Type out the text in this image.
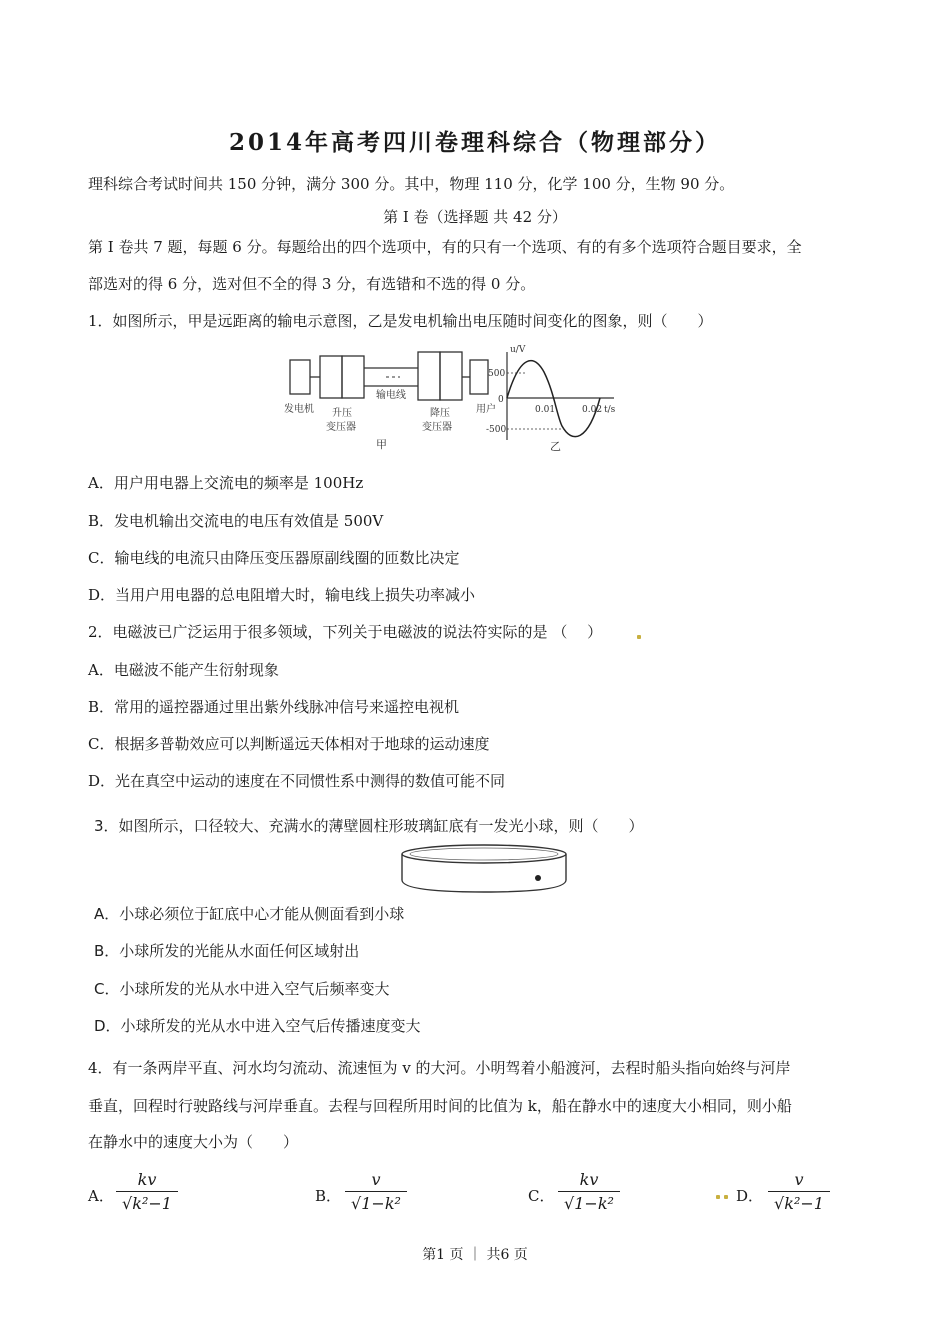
2014年高考四川卷理科综合（物理部分）
理科综合考试时间共 150 分钟，满分 300 分。其中，物理 110 分，化学 100 分，生物 90 分。
第 I 卷（选择题 共 42 分）
第 I 卷共 7 题，每题 6 分。每题给出的四个选项中，有的只有一个选项、有的有多个选项符合题目要求，全
部选对的得 6 分，选对但不全的得 3 分，有选错和不选的得 0 分。
1．如图所示，甲是远距离的输电示意图，乙是发电机输出电压随时间变化的图象，则（　　）
发电机 升压
变压器
输电线
降压
变压器
用户
甲
u/V
t/s
0
500
-500
0.01	0.02
乙
A．用户用电器上交流电的频率是 100Hz
B．发电机输出交流电的电压有效值是 500V
C．输电线的电流只由降压变压器原副线圈的匝数比决定
D．当用户用电器的总电阻增大时，输电线上损失功率减小
2．电磁波已广泛运用于很多领域，下列关于电磁波的说法符实际的是 （　 ）
A．电磁波不能产生衍射现象
B．常用的遥控器通过里出紫外线脉冲信号来遥控电视机
C．根据多普勒效应可以判断遥远天体相对于地球的运动速度
D．光在真空中运动的速度在不同惯性系中测得的数值可能不同
3．如图所示，口径较大、充满水的薄壁圆柱形玻璃缸底有一发光小球，则（　　）
A．小球必须位于缸底中心才能从侧面看到小球
B．小球所发的光能从水面任何区域射出
C．小球所发的光从水中进入空气后频率变大
D．小球所发的光从水中进入空气后传播速度变大
4．有一条两岸平直、河水均匀流动、流速恒为 v 的大河。小明驾着小船渡河，去程时船头指向始终与河岸
垂直，回程时行驶路线与河岸垂直。去程与回程所用时间的比值为 k，船在静水中的速度大小相同，则小船
在静水中的速度大小为（　　）
A．
kv
√k²−1	B．
v
√1−k²	C．
kv
√1−k²	D．
v
√k²−1
第1 页 ｜ 共6 页
